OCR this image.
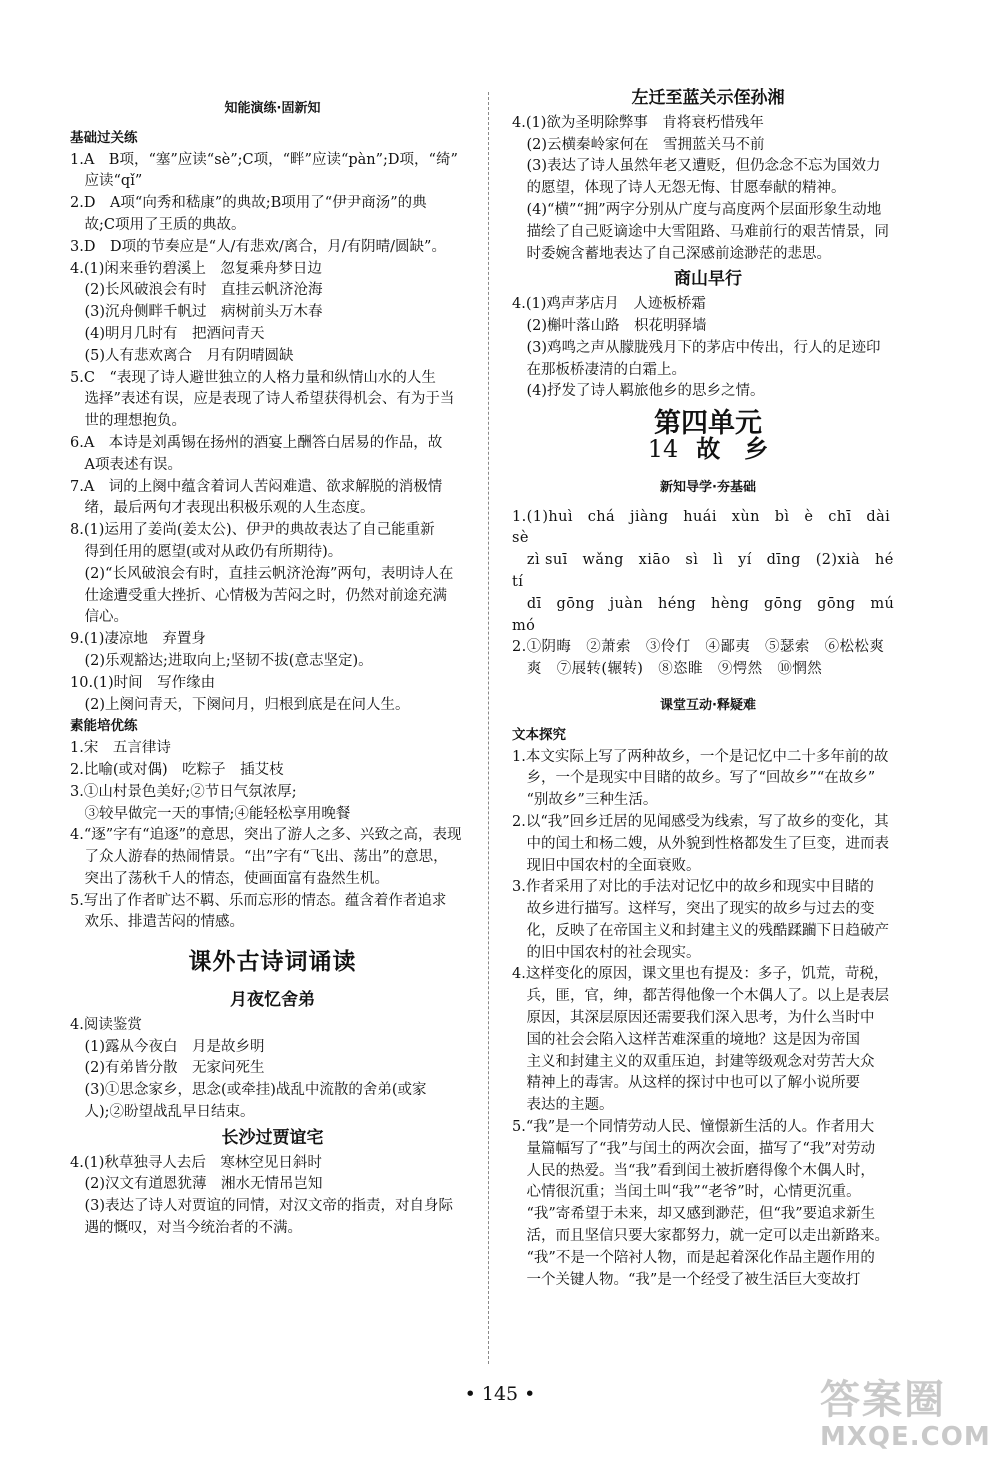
知能演练·固新知
基础过关练
1.A　B项，“塞”应读“sè”;C项，“畔”应读“pàn”;D项，“绮”
　应读“qǐ”
2.D　A项“向秀和嵇康”的典故;B项用了“伊尹商汤”的典
　故;C项用了王质的典故。
3.D　D项的节奏应是“人/有悲欢/离合，月/有阴晴/圆缺”。
4.(1)闲来垂钓碧溪上　忽复乘舟梦日边
　(2)长风破浪会有时　直挂云帆济沧海
　(3)沉舟侧畔千帆过　病树前头万木春
　(4)明月几时有　把酒问青天
　(5)人有悲欢离合　月有阴晴圆缺
5.C　“表现了诗人避世独立的人格力量和纵情山水的人生
　选择”表述有误，应是表现了诗人希望获得机会、有为于当
　世的理想抱负。
6.A　本诗是刘禹锡在扬州的酒宴上酬答白居易的作品，故
　A项表述有误。
7.A　词的上阕中蕴含着词人苦闷难遣、欲求解脱的消极情
　绪，最后两句才表现出积极乐观的人生态度。
8.(1)运用了姜尚(姜太公)、伊尹的典故表达了自己能重新
　得到任用的愿望(或对从政仍有所期待)。
　(2)“长风破浪会有时，直挂云帆济沧海”两句，表明诗人在
　仕途遭受重大挫折、心情极为苦闷之时，仍然对前途充满
　信心。
9.(1)凄凉地　弃置身
　(2)乐观豁达;进取向上;坚韧不拔(意志坚定)。
10.(1)时间　写作缘由
　(2)上阕问青天，下阕问月，归根到底是在问人生。
素能培优练
1.宋　五言律诗
2.比喻(或对偶)　吃粽子　插艾枝
3.①山村景色美好;②节日气氛浓厚;
　③较早做完一天的事情;④能轻松享用晚餐
4.“逐”字有“追逐”的意思，突出了游人之多、兴致之高，表现
　了众人游春的热闹情景。“出”字有“飞出、荡出”的意思，
　突出了荡秋千人的情态，使画面富有盎然生机。
5.写出了作者旷达不羁、乐而忘形的情态。蕴含着作者追求
　欢乐、排遣苦闷的情感。
课外古诗词诵读
月夜忆舍弟
4.阅读鉴赏
　(1)露从今夜白　月是故乡明
　(2)有弟皆分散　无家问死生
　(3)①思念家乡，思念(或牵挂)战乱中流散的舍弟(或家
　人);②盼望战乱早日结束。
长沙过贾谊宅
4.(1)秋草独寻人去后　寒林空见日斜时
　(2)汉文有道恩犹薄　湘水无情吊岂知
　(3)表达了诗人对贾谊的同情，对汉文帝的指责，对自身际
　遇的慨叹，对当今统治者的不满。
左迁至蓝关示侄孙湘
4.(1)欲为圣明除弊事　肯将衰朽惜残年
　(2)云横秦岭家何在　雪拥蓝关马不前
　(3)表达了诗人虽然年老又遭贬，但仍念念不忘为国效力
　的愿望，体现了诗人无怨无悔、甘愿奉献的精神。
　(4)“横”“拥”两字分别从广度与高度两个层面形象生动地
　描绘了自己贬谪途中大雪阻路、马难前行的艰苦情景，同
　时委婉含蓄地表达了自己深感前途渺茫的悲思。
商山早行
4.(1)鸡声茅店月　人迹板桥霜
　(2)槲叶落山路　枳花明驿墙
　(3)鸡鸣之声从朦胧残月下的茅店中传出，行人的足迹印
　在那板桥凄清的白霜上。
　(4)抒发了诗人羁旅他乡的思乡之情。
第四单元
14 故　乡
新知导学·夯基础
1.(1)huì　chá　jiàng　huái　xùn　bì　è　chī　dài　sè
　zì suī　wǎng　xiāo　sì　lì　yí　dīng　(2)xià　hé　tí
　dī　gōng　juàn　héng　hèng　gōng　gōng　mú　mó
2.①阴晦　②萧索　③伶仃　④鄙夷　⑤瑟索　⑥松松爽
　爽　⑦展转(辗转)　⑧恣睢　⑨愕然　⑩惘然
课堂互动·释疑难
文本探究
1.本文实际上写了两种故乡，一个是记忆中二十多年前的故
　乡，一个是现实中目睹的故乡。写了“回故乡”“在故乡”
　“别故乡”三种生活。
2.以“我”回乡迁居的见闻感受为线索，写了故乡的变化，其
　中的闰土和杨二嫂，从外貌到性格都发生了巨变，进而表
　现旧中国农村的全面衰败。
3.作者采用了对比的手法对记忆中的故乡和现实中目睹的
　故乡进行描写。这样写，突出了现实的故乡与过去的变
　化，反映了在帝国主义和封建主义的残酷蹂躏下日趋破产
　的旧中国农村的社会现实。
4.这样变化的原因，课文里也有提及：多子，饥荒，苛税，
　兵，匪，官，绅，都苦得他像一个木偶人了。以上是表层
　原因，其深层原因还需要我们深入思考，为什么当时中
　国的社会会陷入这样苦难深重的境地？这是因为帝国
　主义和封建主义的双重压迫，封建等级观念对劳苦大众
　精神上的毒害。从这样的探讨中也可以了解小说所要
　表达的主题。
5.“我”是一个同情劳动人民、憧憬新生活的人。作者用大
　量篇幅写了“我”与闰土的两次会面，描写了“我”对劳动
　人民的热爱。当“我”看到闰土被折磨得像个木偶人时，
　心情很沉重；当闰土叫“我”“老爷”时，心情更沉重。
　“我”寄希望于未来，却又感到渺茫，但“我”要追求新生
　活，而且坚信只要大家都努力，就一定可以走出新路来。
　“我”不是一个陪衬人物，而是起着深化作品主题作用的
　一个关键人物。“我”是一个经受了被生活巨大变故打
• 145 •	答案圈
MXQE.COM
